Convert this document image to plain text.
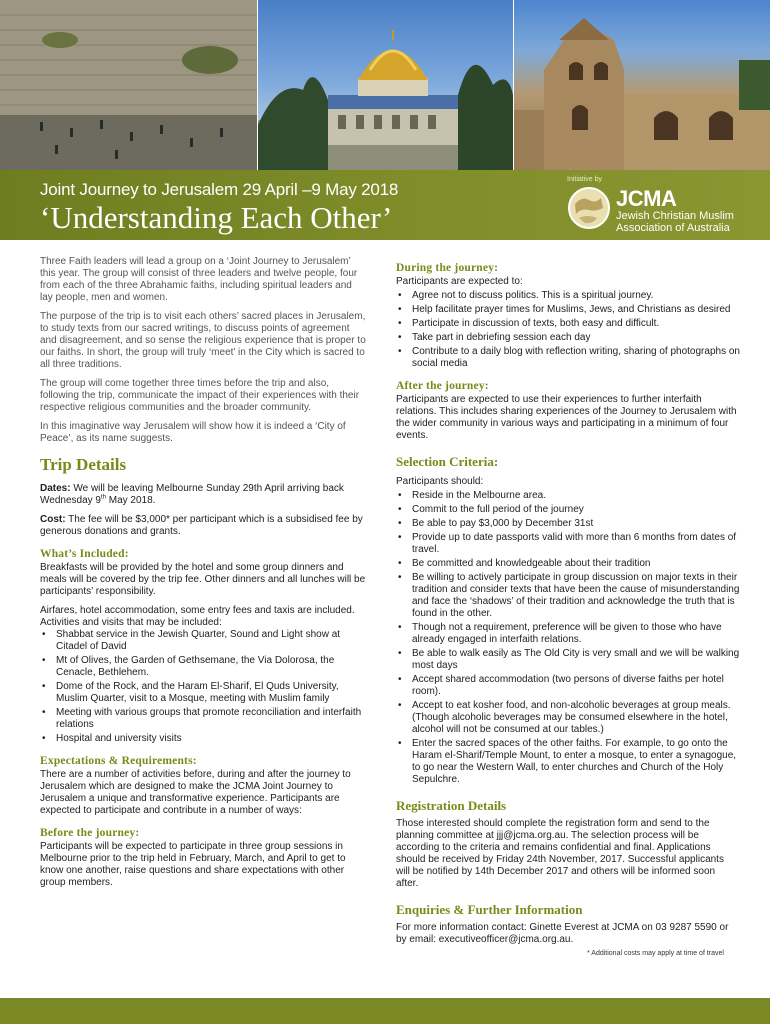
Joint Journey to Jerusalem 29 April –9 May 2018
‘Understanding Each Other’
Initiative by
JCMA
Jewish Christian Muslim
Association of Australia

Three Faith leaders will lead a group on a ‘Joint Journey to Jerusalem’ this year. The group will consist of three leaders and twelve people, four from each of the three Abrahamic faiths, including spiritual leaders and lay people, men and women.

The purpose of the trip is to visit each others’ sacred places in Jerusalem, to study texts from our sacred writings, to discuss points of agreement and disagreement, and so sense the religious experience that is proper to our faiths. In short, the group will truly ‘meet’ in the City which is sacred to all three traditions.

The group will come together three times before the trip and also, following the trip, communicate the impact of their experiences with their respective religious communities and the broader community.

In this imaginative way Jerusalem will show how it is indeed a ‘City of Peace’, as its name suggests.

Trip Details

Dates: We will be leaving Melbourne Sunday 29th April arriving back Wednesday 9th May 2018.

Cost: The fee will be $3,000* per participant which is a subsidised fee by generous donations and grants.

What’s Included:

Breakfasts will be provided by the hotel and some group dinners and meals will be covered by the trip fee. Other dinners and all lunches will be participants’ responsibility.

Airfares, hotel accommodation, some entry fees and taxis are included. Activities and visits that may be included:

• Shabbat service in the Jewish Quarter, Sound and Light show at Citadel of David
• Mt of Olives, the Garden of Gethsemane, the Via Dolorosa, the Cenacle, Bethlehem.
• Dome of the Rock, and the Haram El-Sharif, El Quds University, Muslim Quarter, visit to a Mosque, meeting with Muslim family
• Meeting with various groups that promote reconciliation and interfaith relations
• Hospital and university visits
Expectations & Requirements:

There are a number of activities before, during and after the journey to Jerusalem which are designed to make the JCMA Joint Journey to Jerusalem a unique and transformative experience. Participants are expected to participate and contribute in a number of ways:

Before the journey:

Participants will be expected to participate in three group sessions in Melbourne prior to the trip held in February, March, and April to get to know one another, raise questions and share expectations with other group members.

During the journey:

Participants are expected to:

• Agree not to discuss politics. This is a spiritual journey.
• Help facilitate prayer times for Muslims, Jews, and Christians as desired
• Participate in discussion of texts, both easy and difficult.
• Take part in debriefing session each day
• Contribute to a daily blog with reflection writing, sharing of photographs on social media
After the journey:

Participants are expected to use their experiences to further interfaith relations. This includes sharing experiences of the Journey to Jerusalem with the wider community in various ways and participating in a minimum of four events.

Selection Criteria:

Participants should:

• Reside in the Melbourne area.
• Commit to the full period of the journey
• Be able to pay $3,000 by December 31st
• Provide up to date passports valid with more than 6 months from dates of travel.
• Be committed and knowledgeable about their tradition
• Be willing to actively participate in group discussion on major texts in their tradition and consider texts that have been the cause of misunderstanding and face the ‘shadows’ of their tradition and acknowledge the truth that is found in the other.
• Though not a requirement, preference will be given to those who have already engaged in interfaith relations.
• Be able to walk easily as The Old City is very small and we will be walking most days
• Accept shared accommodation (two persons of diverse faiths per hotel room).
• Accept to eat kosher food, and non-alcoholic beverages at group meals. (Though alcoholic beverages may be consumed elsewhere in the hotel, alcohol will not be consumed at our tables.)
• Enter the sacred spaces of the other faiths. For example, to go onto the Haram el-Sharif/Temple Mount, to enter a mosque, to enter a synagogue, to go near the Western Wall, to enter churches and Church of the Holy Sepulchre.
Registration Details

Those interested should complete the registration form and send to the planning committee at jjj@jcma.org.au. The selection process will be according to the criteria and remains confidential and final. Applications should be received by Friday 24th November, 2017. Successful applicants will be notified by 14th December 2017 and others will be informed soon after.

Enquiries & Further Information

For more information contact: Ginette Everest at JCMA on 03 9287 5590 or by email: executiveofficer@jcma.org.au.

* Additional costs may apply at time of travel
